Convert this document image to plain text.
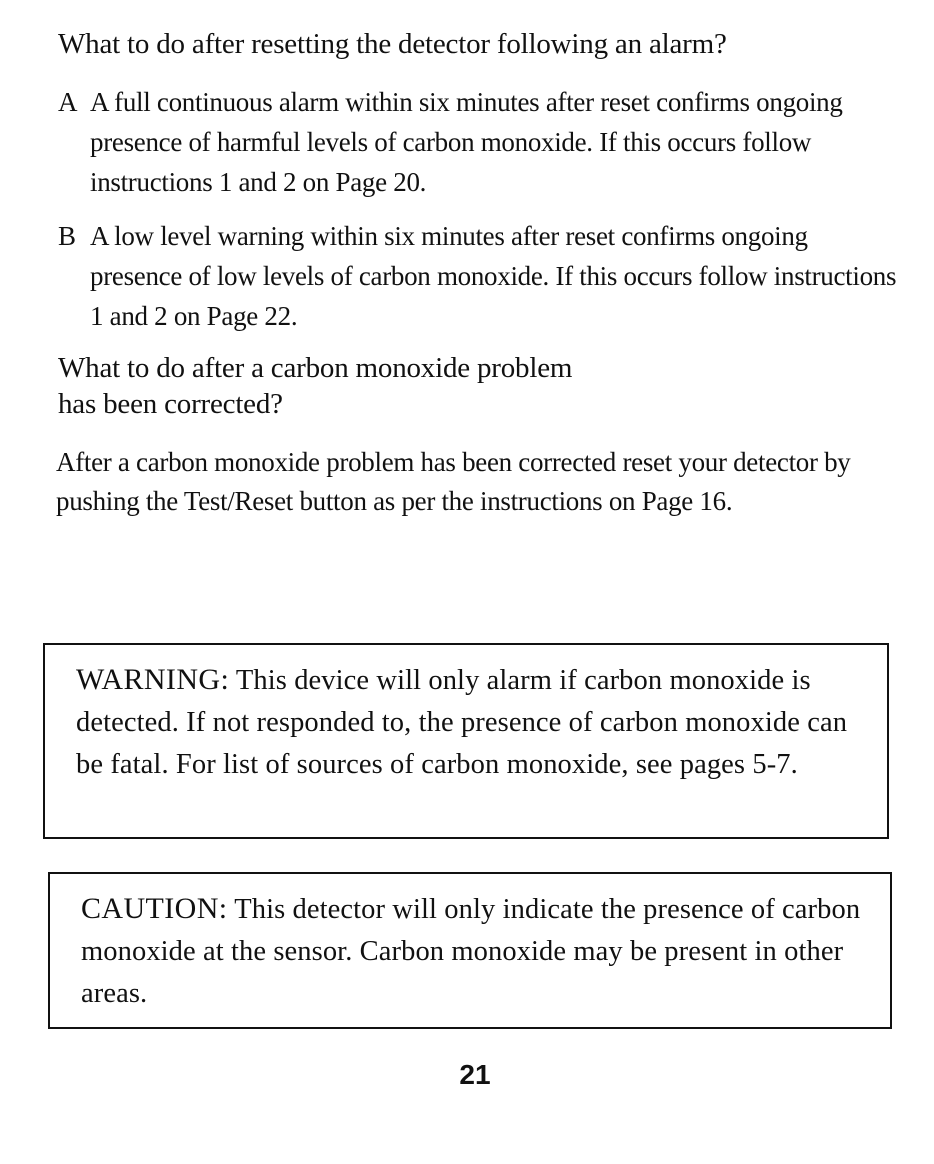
What to do after resetting the detector following an alarm?
A A full continuous alarm within six minutes after reset confirms ongoing presence of harmful levels of carbon monoxide. If this occurs follow instructions 1 and 2 on Page 20.
B A low level warning within six minutes after reset confirms ongoing presence of low levels of carbon monoxide. If this occurs follow instructions 1 and 2 on Page 22.
What to do after a carbon monoxide problem
has been corrected?

After a carbon monoxide problem has been corrected reset your detector by pushing the Test/Reset button as per the instructions on Page 16.

WARNING: This device will only alarm if carbon monoxide is detected. If not responded to, the presence of carbon monoxide can be fatal. For list of sources of carbon monoxide, see pages 5-7.
CAUTION: This detector will only indicate the presence of carbon monoxide at the sensor. Carbon monoxide may be present in other areas.
21
